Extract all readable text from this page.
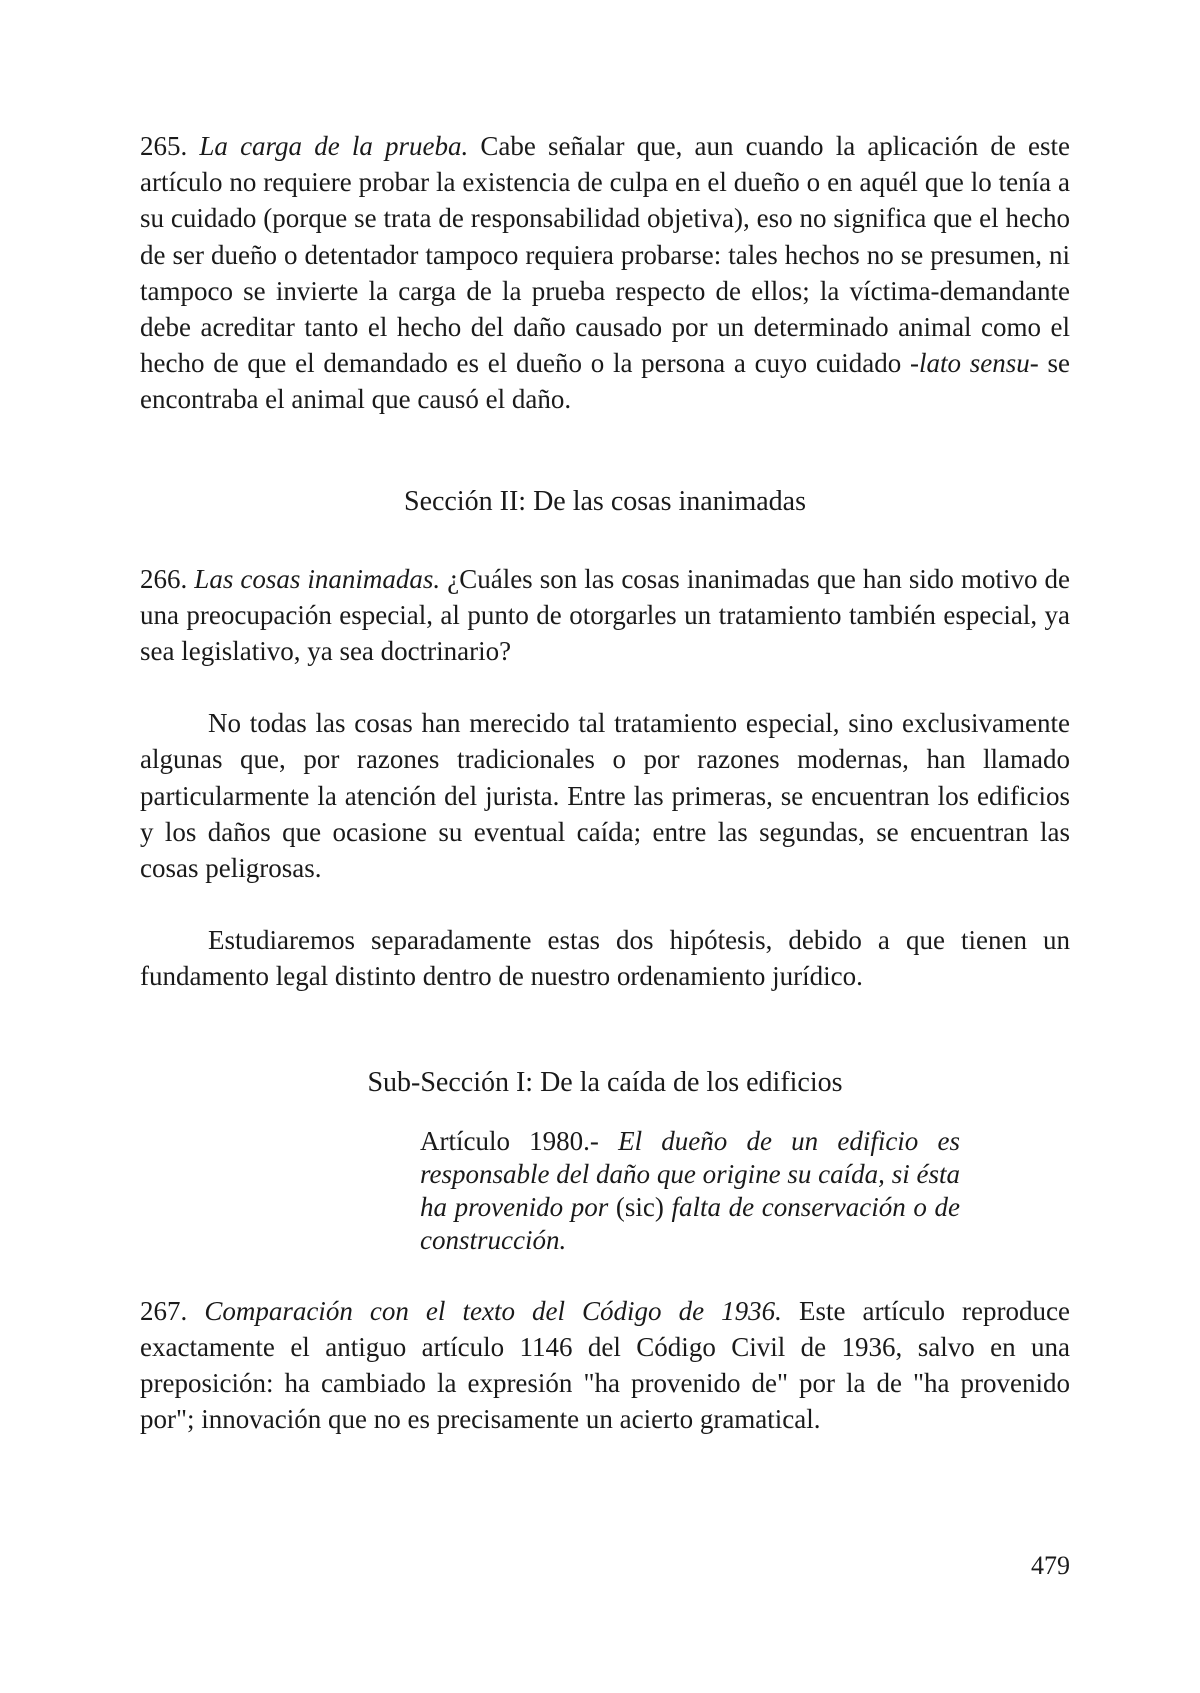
265. La carga de la prueba. Cabe señalar que, aun cuando la aplicación de este artículo no requiere probar la existencia de culpa en el dueño o en aquél que lo tenía a su cuidado (porque se trata de responsabilidad objetiva), eso no significa que el hecho de ser dueño o detentador tampoco requiera probarse: tales hechos no se presumen, ni tampoco se invierte la carga de la prueba respecto de ellos; la víctima-demandante debe acreditar tanto el hecho del daño causado por un determinado animal como el hecho de que el demandado es el dueño o la persona a cuyo cuidado -lato sensu- se encontraba el animal que causó el daño.

Sección II: De las cosas inanimadas

266. Las cosas inanimadas. ¿Cuáles son las cosas inanimadas que han sido motivo de una preocupación especial, al punto de otorgarles un tratamiento también especial, ya sea legislativo, ya sea doctrinario?

No todas las cosas han merecido tal tratamiento especial, sino exclusivamente algunas que, por razones tradicionales o por razones modernas, han llamado particularmente la atención del jurista. Entre las primeras, se encuentran los edificios y los daños que ocasione su eventual caída; entre las segundas, se encuentran las cosas peligrosas.

Estudiaremos separadamente estas dos hipótesis, debido a que tienen un fundamento legal distinto dentro de nuestro ordenamiento jurídico.

Sub-Sección I: De la caída de los edificios

Artículo 1980.- El dueño de un edificio es responsable del daño que origine su caída, si ésta ha provenido por (sic) falta de conservación o de construcción.

267. Comparación con el texto del Código de 1936. Este artículo reproduce exactamente el antiguo artículo 1146 del Código Civil de 1936, salvo en una preposición: ha cambiado la expresión "ha provenido de" por la de "ha provenido por"; innovación que no es precisamente un acierto gramatical.

479
